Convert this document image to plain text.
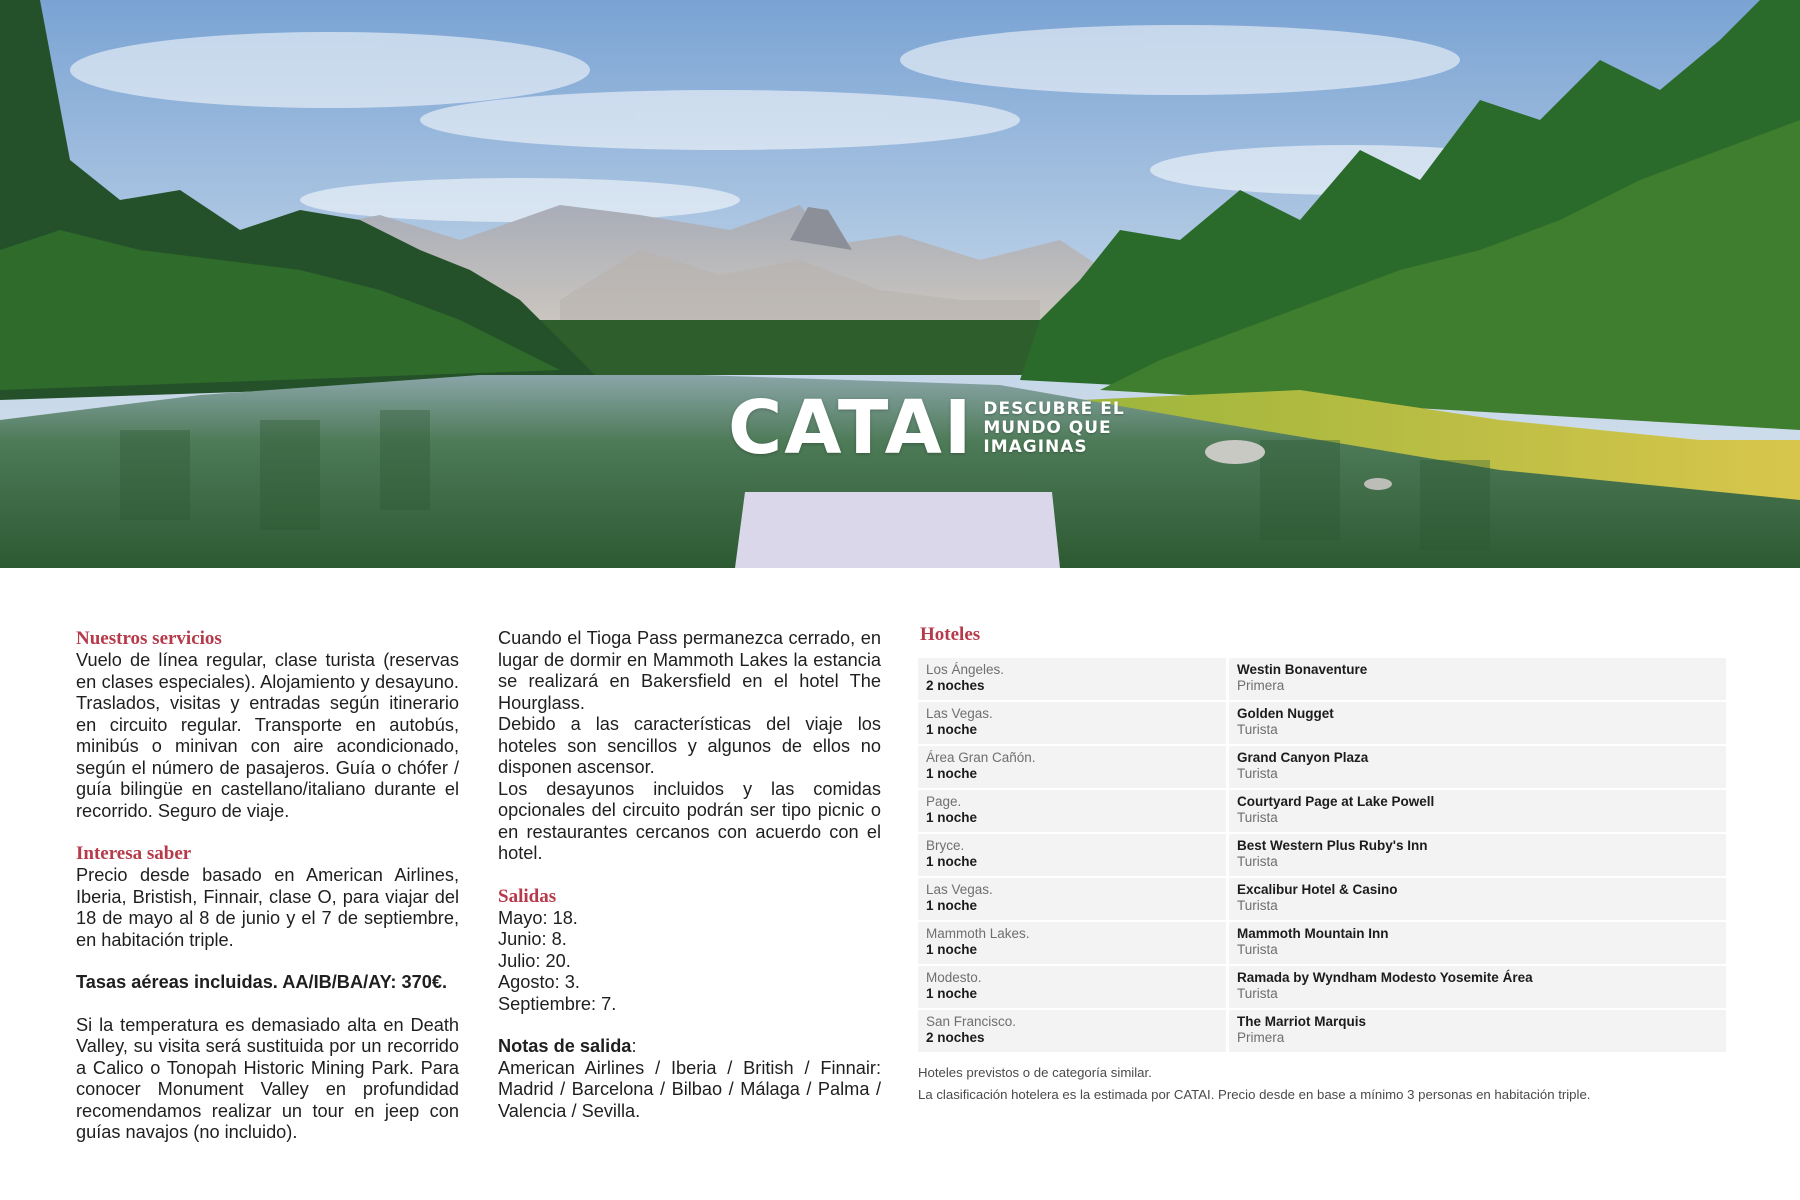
CATAI DESCUBRE EL
MUNDO QUE
IMAGINAS
Nuestros servicios

Vuelo de línea regular, clase turista (reservas en clases especiales). Alojamiento y desayuno. Traslados, visitas y entradas según itinerario en circuito regular. Transporte en autobús, minibús o minivan con aire acondicionado, según el número de pasajeros. Guía o chófer / guía bilingüe en castellano/italiano durante el recorrido. Seguro de viaje.

Interesa saber

Precio desde basado en American Airlines, Iberia, Bristish, Finnair, clase O, para viajar del 18 de mayo al 8 de junio y el 7 de septiembre, en habitación triple.

Tasas aéreas incluidas. AA/IB/BA/AY: 370€.

Si la temperatura es demasiado alta en Death Valley, su visita será sustituida por un recorrido a Calico o Tonopah Historic Mining Park. Para conocer Monument Valley en profundidad recomendamos realizar un tour en jeep con guías navajos (no incluido).

Cuando el Tioga Pass permanezca cerrado, en lugar de dormir en Mammoth Lakes la estancia se realizará en Bakersfield en el hotel The Hourglass.

Debido a las características del viaje los hoteles son sencillos y algunos de ellos no disponen ascensor.

Los desayunos incluidos y las comidas opcionales del circuito podrán ser tipo picnic o en restaurantes cercanos con acuerdo con el hotel.

Salidas
Mayo: 18.
Junio: 8.
Julio: 20.
Agosto: 3.
Septiembre: 7.
Notas de salida:

American Airlines / Iberia / British / Finnair: Madrid / Barcelona / Bilbao / Málaga / Palma / Valencia / Sevilla.

Hoteles
Los Ángeles.
2 noches
Westin Bonaventure
Primera
Las Vegas.
1 noche
Golden Nugget
Turista
Área Gran Cañón.
1 noche
Grand Canyon Plaza
Turista
Page.
1 noche
Courtyard Page at Lake Powell
Turista
Bryce.
1 noche
Best Western Plus Ruby's Inn
Turista
Las Vegas.
1 noche
Excalibur Hotel & Casino
Turista
Mammoth Lakes.
1 noche
Mammoth Mountain Inn
Turista
Modesto.
1 noche
Ramada by Wyndham Modesto Yosemite Área
Turista
San Francisco.
2 noches
The Marriot Marquis
Primera
Hoteles previstos o de categoría similar.
La clasificación hotelera es la estimada por CATAI. Precio desde en base a mínimo 3 personas en habitación triple.
